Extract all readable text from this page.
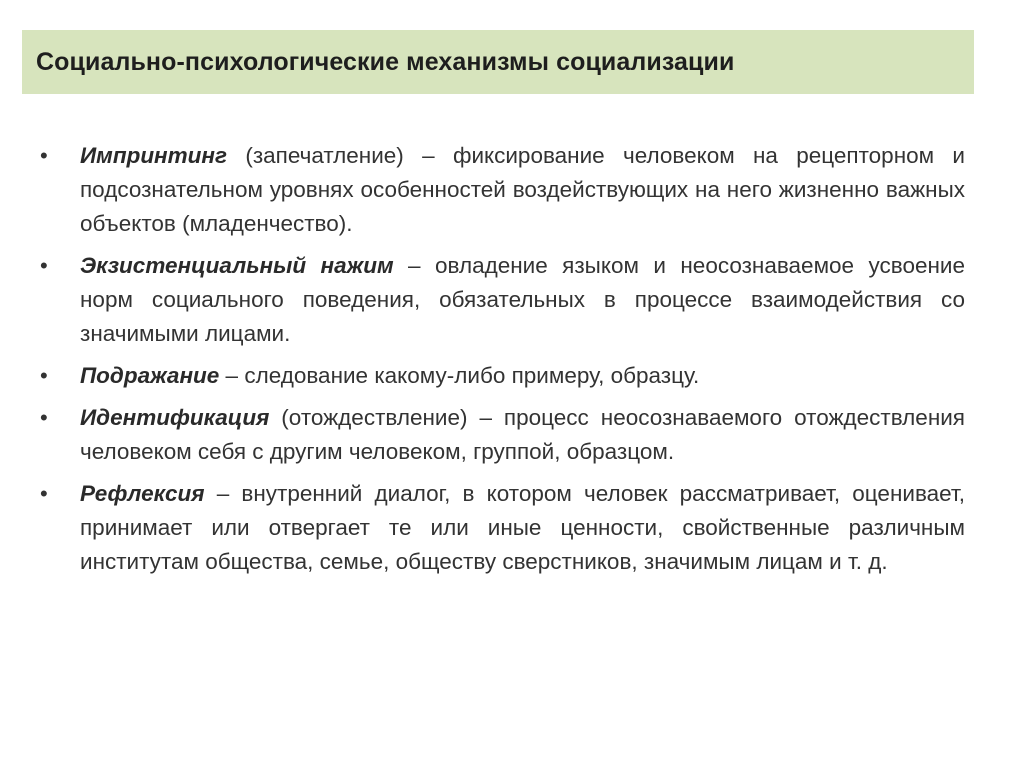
Социально-психологические механизмы социализации
• Импринтинг (запечатление) – фиксирование человеком на рецепторном и подсознательном уровнях особенностей воздействующих на него жизненно важных объектов (младенчество).
• Экзистенциальный нажим – овладение языком и неосознаваемое усвоение норм социального поведения, обязательных в процессе взаимодействия со значимыми лицами.
• Подражание – следование какому-либо примеру, образцу.
• Идентификация (отождествление) – процесс неосознаваемого отождествления человеком себя с другим человеком, группой, образцом.
• Рефлексия – внутренний диалог, в котором человек рассматривает, оценивает, принимает или отвергает те или иные ценности, свойственные различным институтам общества, семье, обществу сверстников, значимым лицам и т. д.
